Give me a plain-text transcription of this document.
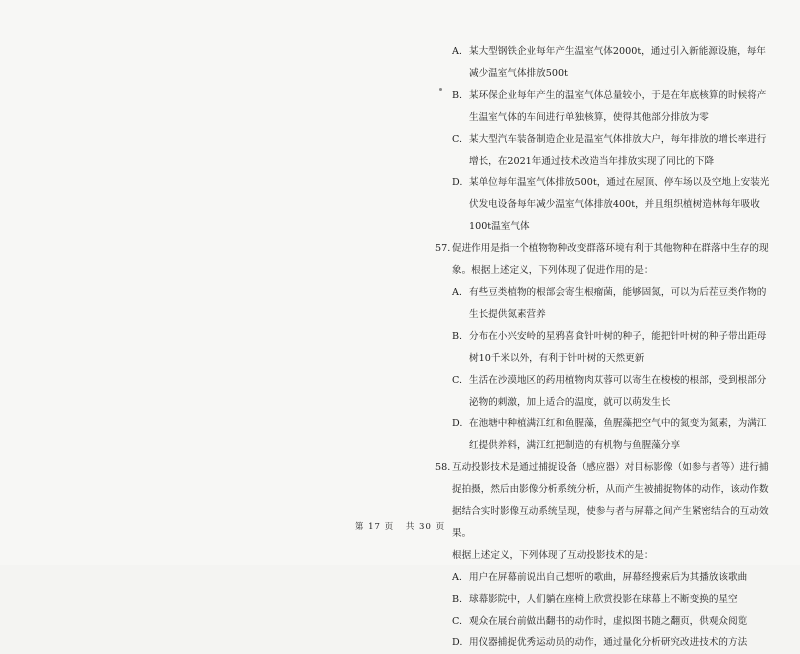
A. 某大型钢铁企业每年产生温室气体2000t，通过引入新能源设施，每年减少温室气体排放500t
B. 某环保企业每年产生的温室气体总量较小，于是在年底核算的时候将产生温室气体的车间进行单独核算，使得其他部分排放为零
C. 某大型汽车装备制造企业是温室气体排放大户，每年排放的增长率进行增长，在2021年通过技术改造当年排放实现了同比的下降
D. 某单位每年温室气体排放500t，通过在屋顶、停车场以及空地上安装光伏发电设备每年减少温室气体排放400t，并且组织植树造林每年吸收100t温室气体
57. 促进作用是指一个植物物种改变群落环境有利于其他物种在群落中生存的现象。根据上述定义，下列体现了促进作用的是：
A. 有些豆类植物的根部会寄生根瘤菌，能够固氮，可以为后茬豆类作物的生长提供氮素营养
B. 分布在小兴安岭的星鸦喜食针叶树的种子，能把针叶树的种子带出距母树10千米以外，有利于针叶树的天然更新
C. 生活在沙漠地区的药用植物肉苁蓉可以寄生在梭梭的根部，受到根部分泌物的刺激，加上适合的温度，就可以萌发生长
D. 在池塘中种植满江红和鱼腥藻，鱼腥藻把空气中的氮变为氮素，为满江红提供养料，满江红把制造的有机物与鱼腥藻分享
58. 互动投影技术是通过捕捉设备（感应器）对目标影像（如参与者等）进行捕捉拍摄，然后由影像分析系统分析，从而产生被捕捉物体的动作，该动作数据结合实时影像互动系统呈现，使参与者与屏幕之间产生紧密结合的互动效果。
根据上述定义，下列体现了互动投影技术的是：
A. 用户在屏幕前说出自己想听的歌曲，屏幕经搜索后为其播放该歌曲
B. 球幕影院中，人们躺在座椅上欣赏投影在球幕上不断变换的星空
C. 观众在展台前做出翻书的动作时，虚拟图书随之翻页，供观众阅览
D. 用仪器捕捉优秀运动员的动作，通过量化分析研究改进技术的方法
第 17 页 共 30 页
